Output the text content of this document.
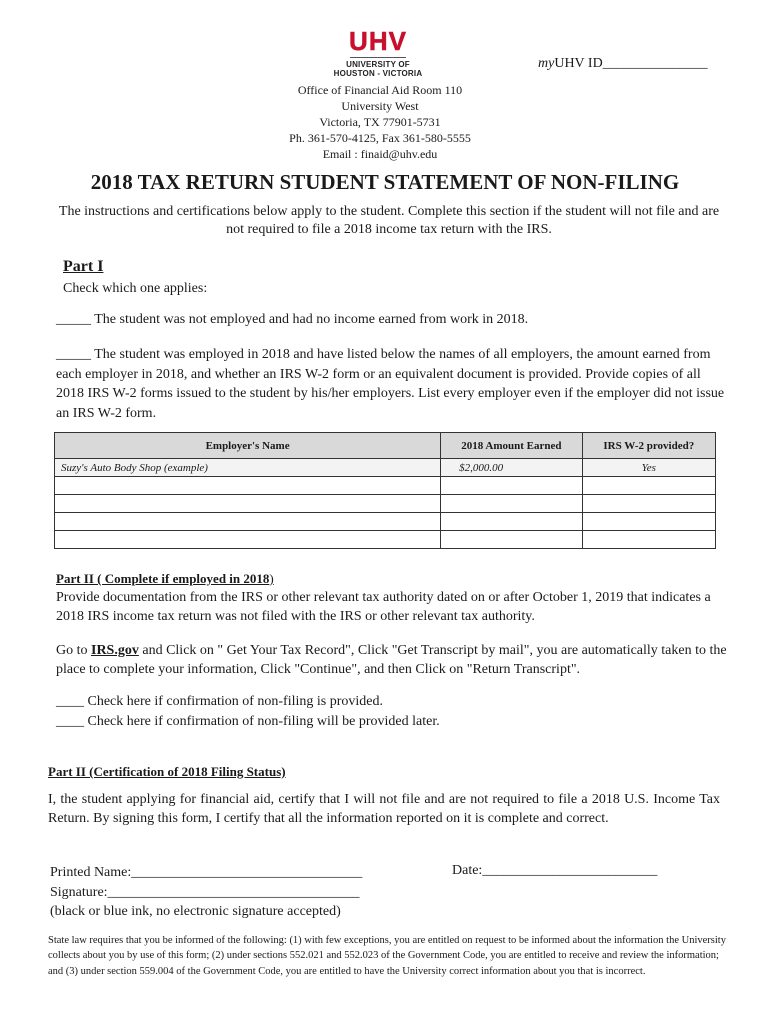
UHV
UNIVERSITY OF
HOUSTON - VICTORIA
myUHV ID_______________
Office of Financial Aid Room 110
University West
Victoria, TX 77901-5731
Ph. 361-570-4125, Fax 361-580-5555
Email : finaid@uhv.edu
2018 TAX RETURN STUDENT STATEMENT OF NON-FILING
The instructions and certifications below apply to the student. Complete this section if the student will not file and are not required to file a 2018 income tax return with the IRS.
Part I
Check which one applies:
_____ The student was not employed and had no income earned from work in 2018.
_____ The student was employed in 2018 and have listed below the names of all employers, the amount earned from each employer in 2018, and whether an IRS W-2 form or an equivalent document is provided. Provide copies of all 2018 IRS W-2 forms issued to the student by his/her employers. List every employer even if the employer did not issue an IRS W-2 form.
Employer's Name	2018 Amount Earned	IRS W-2 provided?
Suzy's Auto Body Shop (example)	$2,000.00	Yes

Part II ( Complete if employed in 2018)
Provide documentation from the IRS or other relevant tax authority dated on or after October 1, 2019 that indicates a 2018 IRS income tax return was not filed with the IRS or other relevant tax authority.
Go to IRS.gov and Click on " Get Your Tax Record", Click "Get Transcript by mail", you are automatically taken to the place to complete your information, Click "Continue", and then Click on "Return Transcript".
____ Check here if confirmation of non-filing is provided.
____ Check here if confirmation of non-filing will be provided later.
Part II (Certification of 2018 Filing Status)
I, the student applying for financial aid, certify that I will not file and are not required to file a 2018 U.S. Income Tax Return. By signing this form, I certify that all the information reported on it is complete and correct.
Printed Name:_________________________________
Signature:____________________________________
(black or blue ink, no electronic signature accepted)
Date:_________________________
State law requires that you be informed of the following: (1) with few exceptions, you are entitled on request to be informed about the information the University collects about you by use of this form; (2) under sections 552.021 and 552.023 of the Government Code, you are entitled to receive and review the information; and (3) under section 559.004 of the Government Code, you are entitled to have the University correct information about you that is incorrect.
